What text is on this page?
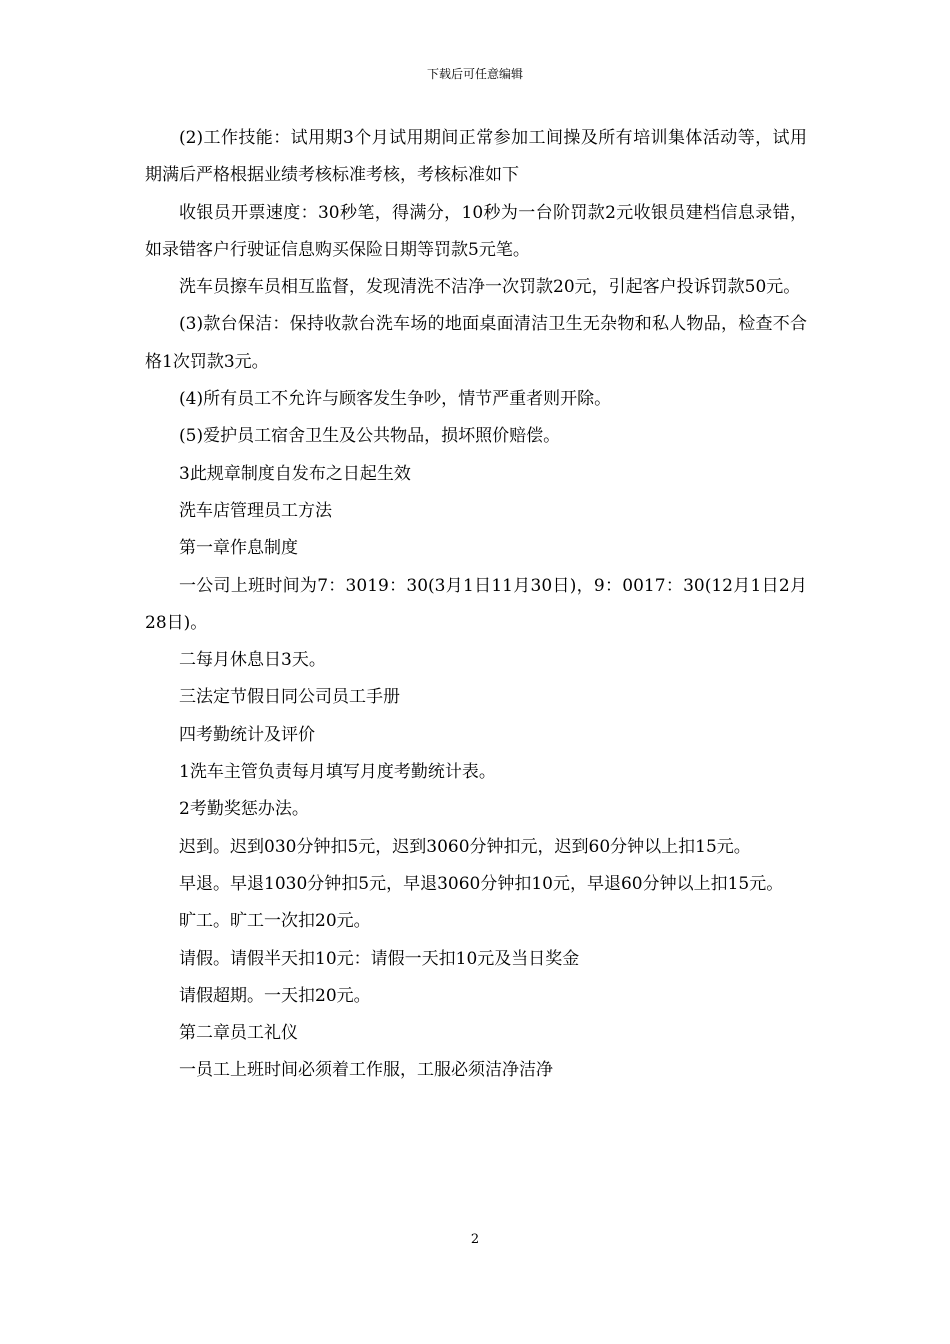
下载后可任意编辑

(2)工作技能：试用期3个月试用期间正常参加工间操及所有培训集体活动等，试用期满后严格根据业绩考核标准考核，考核标准如下

收银员开票速度：30秒笔，得满分，10秒为一台阶罚款2元收银员建档信息录错，如录错客户行驶证信息购买保险日期等罚款5元笔。

洗车员擦车员相互监督，发现清洗不洁净一次罚款20元，引起客户投诉罚款50元。

(3)款台保洁：保持收款台洗车场的地面桌面清洁卫生无杂物和私人物品，检查不合格1次罚款3元。

(4)所有员工不允许与顾客发生争吵，情节严重者则开除。

(5)爱护员工宿舍卫生及公共物品，损坏照价赔偿。

3此规章制度自发布之日起生效

洗车店管理员工方法

第一章作息制度

一公司上班时间为7：3019：30(3月1日11月30日)，9：0017：30(12月1日2月28日)。

二每月休息日3天。

三法定节假日同公司员工手册

四考勤统计及评价

1洗车主管负责每月填写月度考勤统计表。

2考勤奖惩办法。

迟到。迟到030分钟扣5元，迟到3060分钟扣元，迟到60分钟以上扣15元。

早退。早退1030分钟扣5元，早退3060分钟扣10元，早退60分钟以上扣15元。

旷工。旷工一次扣20元。

请假。请假半天扣10元：请假一天扣10元及当日奖金

请假超期。一天扣20元。

第二章员工礼仪

一员工上班时间必须着工作服，工服必须洁净洁净

2
